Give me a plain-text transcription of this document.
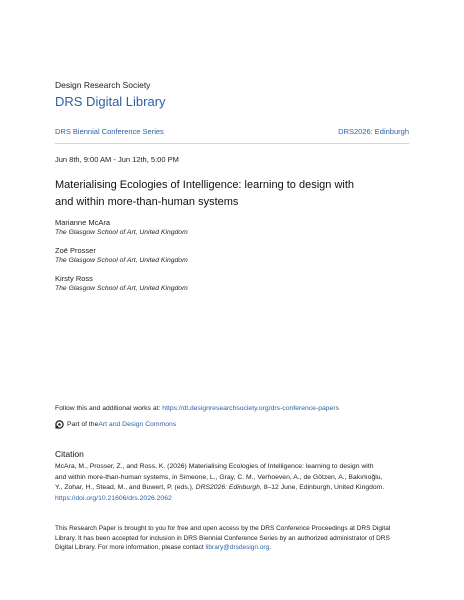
Design Research Society
DRS Digital Library
DRS Biennial Conference Series	DRS2026: Edinburgh
Jun 8th, 9:00 AM - Jun 12th, 5:00 PM
Materialising Ecologies of Intelligence: learning to design with
and within more-than-human systems
Marianne McAra
The Glasgow School of Art, United Kingdom
Zoë Prosser
The Glasgow School of Art, United Kingdom
Kirsty Ross
The Glasgow School of Art, United Kingdom
Follow this and additional works at: https://dl.designresearchsociety.org/drs-conference-papers
Part of the Art and Design Commons
Citation
McAra, M., Prosser, Z., and Ross, K. (2026) Materialising Ecologies of Intelligence: learning to design with
and within more-than-human systems, in Simeone, L., Gray, C. M., Verhoeven, A., de Götzen, A., Bakırlıoğlu,
Y., Zohar, H., Stead, M., and Buwert, P. (eds.), DRS2026: Edinburgh, 8–12 June, Edinburgh, United Kingdom.
https://doi.org/10.21606/drs.2026.2062
This Research Paper is brought to you for free and open access by the DRS Conference Proceedings at DRS Digital
Library. It has been accepted for inclusion in DRS Biennial Conference Series by an authorized administrator of DRS
Digital Library. For more information, please contact library@drsdesign.org.
